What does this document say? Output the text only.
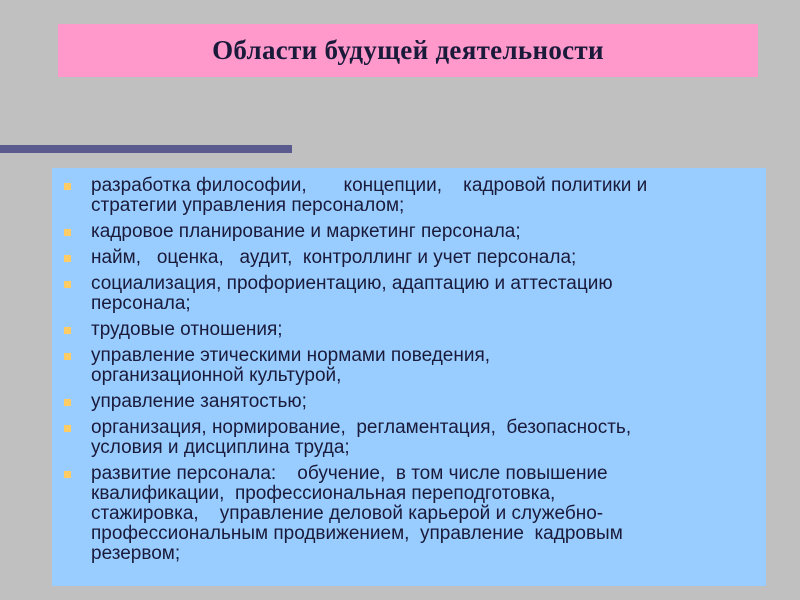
Области будущей деятельности
разработка философии,       концепции,    кадровой политики и
стратегии управления персоналом;
кадровое планирование и маркетинг персонала;
найм,   оценка,   аудит,  контроллинг и учет персонала;
социализация, профориентацию, адаптацию и аттестацию
персонала;
трудовые отношения;
управление этическими нормами поведения,
организационной культурой,
управление занятостью;
организация, нормирование,  регламентация,  безопасность,
условия и дисциплина труда;
развитие персонала:    обучение,  в том числе повышение
квалификации,  профессиональная переподготовка,
стажировка,    управление деловой карьерой и служебно-
профессиональным продвижением,  управление  кадровым
резервом;
